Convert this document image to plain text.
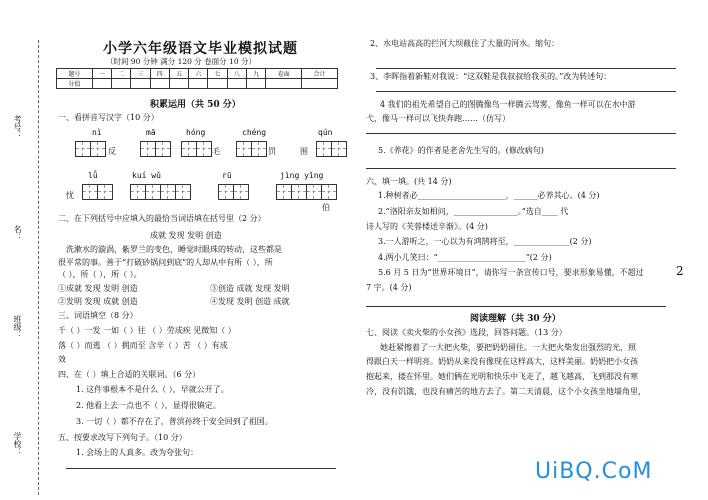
考号：
名：
班级：
学校：
小学六年级语文毕业模拟试题
（时间 90 分钟 满分 120 分 卷面分 10 分）
题号	一	二	三	四	五	六	七	八	九	卷面	合计
分值											
积累运用（共 50 分）
一、看拼音写汉字（10 分）
nì	mā	hóng	chéng	qún
反	毛	罚	围
lǚ	kuí wǔ	rū	jìng yǐng
忧
伯
二、在下列括号中应填入的最恰当词语填在括号里（2 分）
成就 发现 发明 创造
洗漱水的漩涡，紫罗兰的变色，睡觉时眼珠的转动，这些都是
很平常的事。善于“打破砂锅问到底”的人却从中有所（ ），所
（ ），所（ ），所（ ）。
①成就 发现 发明 创造	③创造 成就 发现 发明
②发明 发现 成就 创造	④发现 发明 创造 成就
三、词语填空（8 分）
千（ ）一发 一如（ ）往 （ ）劳成疾 见微知（ ）
落（ ）而逃 （ ）拥而至 含辛（ ）苦 （ ）有成
效
四、在（ ）填上合适的关联词。（6 分）
1. 这件事根本不是什么（ ），早就公开了。
2. 他看上去一点也不（ ），显得很镇定。
3. 一切（ ）都不存在了，普滨孙终于安全回到了祖国。
五、按要求改写下列句子。（10 分）
1. 会场上的人真多。改为夸张句：
2、水电站高高的拦河大坝截住了大量的河水。缩句：
3、李晖指着新鞋对我说：“这双鞋是我叔叔给我买的。”改为转述句：
4 我们的祖先希望自己的图腾像鸟一样腾云驾雾，像鱼一样可以在水中游
弋，像马一样可以飞快奔跑……（仿写）
5.《养花》的作者是老舍先生写的。(修改病句)
六、填一填。(共 14 分)
1.种树者必______________________，______必养其心。(4 分)
2.“洛阳亲友如相问，________________。”选自____ 代
诗人写的《芙蓉楼送辛渐》。(4 分)
3.一人游听之，一心以为有鸿鹄将至，______________(2 分)
4.两小儿笑曰：“______________________”(2 分)
5.6 月 5 日为“世界环境日”，请你写一条宣传口号，要求形象易懂，不超过	2
7 字。(4 分)
阅读理解（共 30 分）
七、阅读《卖火柴的小女孩》选段，回答问题。（13 分）
她赶紧擦着了一大把火柴，要把奶奶留住。一大把火柴发出强烈的光，照
得跟白天一样明亮。奶奶从来没有像现在这样高大，这样美丽。奶奶把小女孩
抱起来，搂在怀里。她们俩在光明和快乐中飞走了，越飞越高，飞到那没有寒
冷，没有饥饿，也没有痛苦的地方去了。第二天清晨，这个小女孩坐地墙角里，
UiBQ.CoM
